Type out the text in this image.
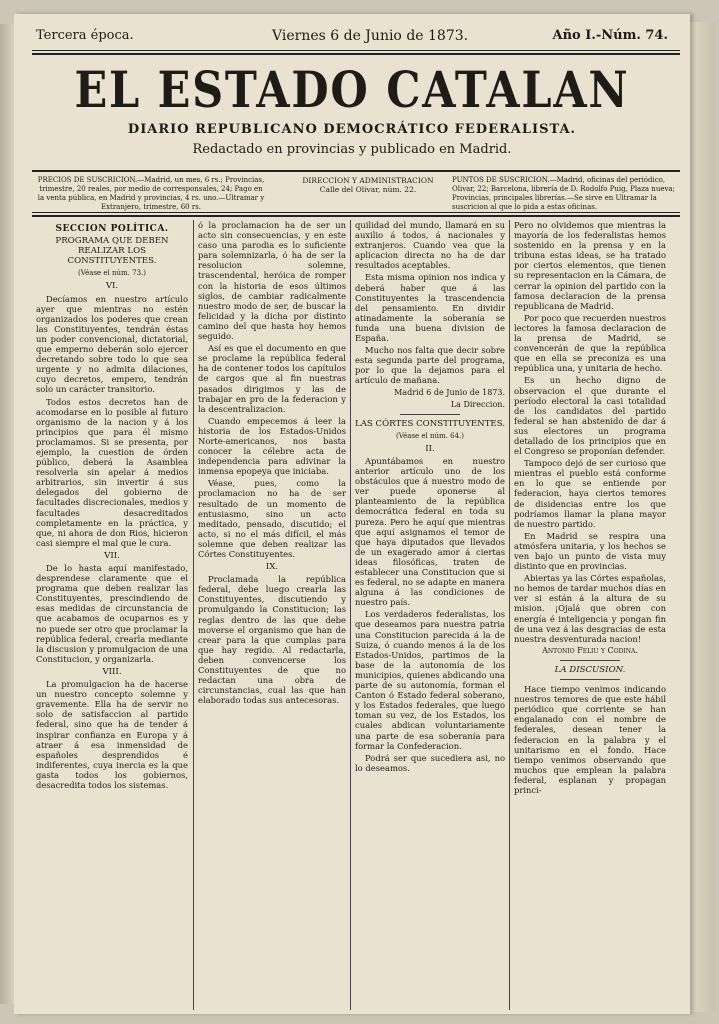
Tercera época.	Viernes 6 de Junio de 1873.	Año I.-Núm. 74.
EL ESTADO CATALAN
DIARIO REPUBLICANO DEMOCRÁTICO FEDERALISTA.
Redactado en provincias y publicado en Madrid.
PRECIOS DE SUSCRICION.—Madrid, un mes, 6 rs.; Provincias, trimestre, 20 reales, por medio de corresponsales, 24; Pago en la venta pública, en Madrid y provincias, 4 rs. uno.—Ultramar y Extranjero, trimestre, 60 rs.
DIRECCION Y ADMINISTRACION Calle del Olivar, núm. 22.
PUNTOS DE SUSCRICION.—Madrid, oficinas del periódico, Olivar, 22; Barcelona, librería de D. Rodolfo Puig, Plaza nueva; Provincias, principales librerías.—Se sirve en Ultramar la suscricion al que lo pida a estas oficinas.
SECCION POLÍTICA.
PROGRAMA QUE DEBEN REALIZAR LOS CONSTITUYENTES.
(Véase el núm. 73.)
VI.

Decíamos en nuestro artículo ayer que mientras no estén organizados los poderes que crean las Constituyentes, tendrán éstas un poder convencional, dictatorial, que emperno deberán solo ejercer decretando sobre todo lo que sea urgente y no admita dilaciones, cuyo decretos, empero, tendrán solo un carácter transitorio.

Todos estos decretos han de acomodarse en lo posible al futuro organismo de la nacion y á los principios que para él mismo proclamamos. Si se presenta, por ejemplo, la cuestion de órden público, deberá la Asamblea resolverla sin apelar á medios arbitrarios, sin invertir á sus delegados del gobierno de facultades discrecionales, medios y facultades desacreditados completamente en la práctica, y que, ni ahora de don Rios, hicieron casi siempre el mal que le cura.

VII.

De lo hasta aquí manifestado, desprendese claramente que el programa que deben realizar las Constituyentes, prescindiendo de esas medidas de circunstancia de que acabamos de ocuparnos es y no puede ser otro que proclamar la república federal, crearla mediante la discusion y promulgacion de una Constitucion, y organizarla.

VIII.

La promulgacion ha de hacerse un nuestro concepto solemne y gravemente. Ella ha de servir no solo de satisfaccion al partido federal, sino que ha de tender á inspirar confianza en Europa y á atraer á esa inmensidad de españoles desprendidos é indiferentes, cuya inercia es la que gasta todos los gobiernos, desacredita todos los sistemas.

ó la proclamacion ha de ser un acto sin consecuencias, y en este caso una parodia es lo suficiente para solemnizarla, ó ha de ser la resolucion solemne, trascendental, heróica de romper con la historia de esos últimos siglos, de cambiar radicalmente nuestro modo de ser, de buscar la felicidad y la dicha por distinto camino del que hasta hoy hemos seguido.

Así es que el documento en que se proclame la república federal ha de contener todos los capítulos de cargos que al fin nuestras pasados dirigimos y las de trabajar en pro de la federacion y la descentralizacion.

Cuando empecemos á leer la historia de los Estados-Unidos Norte-americanos, nos basta conocer la célebre acta de independencia para adivinar la inmensa epopeya que iniciaba.

Véase, pues, como la proclamacion no ha de ser resultado de un momento de entusiasmo, sino un acto meditado, pensado, discutido; el acto, si no el más difícil, el más solemne que deben realizar las Córtes Constituyentes.

IX.

Proclamada la república federal, debe luego crearla las Constituyentes, discutiendo y promulgando la Constitucion; las reglas dentro de las que debe moverse el organismo que han de crear para la que cumplas para que hay regido. Al redactarla, deben convencerse los Constituyentes de que no redactan una obra de circunstancias, cual las que han elaborado todas sus antecesoras.

quilidad del mundo, llamará en su auxilio á todos, á nacionales y extranjeros. Cuando vea que la aplicacion directa no ha de dar resultados aceptables.

Esta misma opinion nos indica y deberá haber que á las Constituyentes la trascendencia del pensamiento. En dividir atinadamente la soberanía se funda una buena division de España.

Mucho nos falta que decir sobre esta segunda parte del programa, por lo que la dejamos para el artículo de mañana.

Madrid 6 de Junio de 1873.
La Direccion.
LAS CÓRTES CONSTITUYENTES.
(Véase el núm. 64.)
II.

Apuntábamos en nuestro anterior artículo uno de los obstáculos que á nuestro modo de ver puede oponerse al planteamiento de la república democrática federal en toda su pureza. Pero he aquí que mientras que aquí asignamos el temor de que haya diputados que llevados de un exagerado amor á ciertas ideas filosóficas, traten de establecer una Constitucion que si es federal, no se adapte en manera alguna á las condiciones de nuestro país.

Los verdaderos federalistas, los que deseamos para nuestra patria una Constitucion parecida á la de Suiza, ó cuando menos á la de los Estados-Unidos, partimos de la base de la autonomía de los municipios, quienes abdicando una parte de su autonomía, forman el Canton ó Estado federal soberano, y los Estados federales, que luego toman su vez, de los Estados, los cuales abdican voluntariamente una parte de esa soberanía para formar la Confederacion.

Podrá ser que sucediera asi, no lo deseamos.

Pero no olvidemos que mientras la mayoría de los federalistas hemos sostenido en la prensa y en la tribuna estas ideas, se ha tratado por ciertos elementos, que tienen su representacion en la Cámara, de cerrar la opinion del partido con la famosa declaracion de la prensa republicana de Madrid.

Por poco que recuerden nuestros lectores la famosa declaracion de la prensa de Madrid, se convencerán de que la república que en ella se preconiza es una república una, y unitaria de hecho.

Es un hecho digno de observacion el que durante el período electoral la casi totalidad de los candidatos del partido federal se han abstenido de dar á sus electores un programa detallado de los principios que en el Congreso se proponían defender.

Tampoco dejó de ser curioso que mientras el pueblo está conforme en lo que se entiende por federacion, haya ciertos temores de disidencias entre los que podríamos llamar la plana mayor de nuestro partido.

En Madrid se respira una atmósfera unitaria, y los hechos se ven bajo un punto de vista muy distinto que en provincias.

Abiertas ya las Córtes españolas, no hemos de tardar muchos días en ver si están á la altura de su mision. ¡Ojalá que obren con energía é inteligencia y pongan fin de una vez á las desgracias de esta nuestra desventurada nacion!

Antonio Feliu y Codina.
LA DISCUSION.

Hace tiempo venimos indicando nuestros temores de que este hábil periódico que corriente se han engalanado con el nombre de federales, desean tener la federacion en la palabra y el unitarismo en el fondo. Hace tiempo venimos observando que muchos que emplean la palabra federal, esplanan y propagan princi-
